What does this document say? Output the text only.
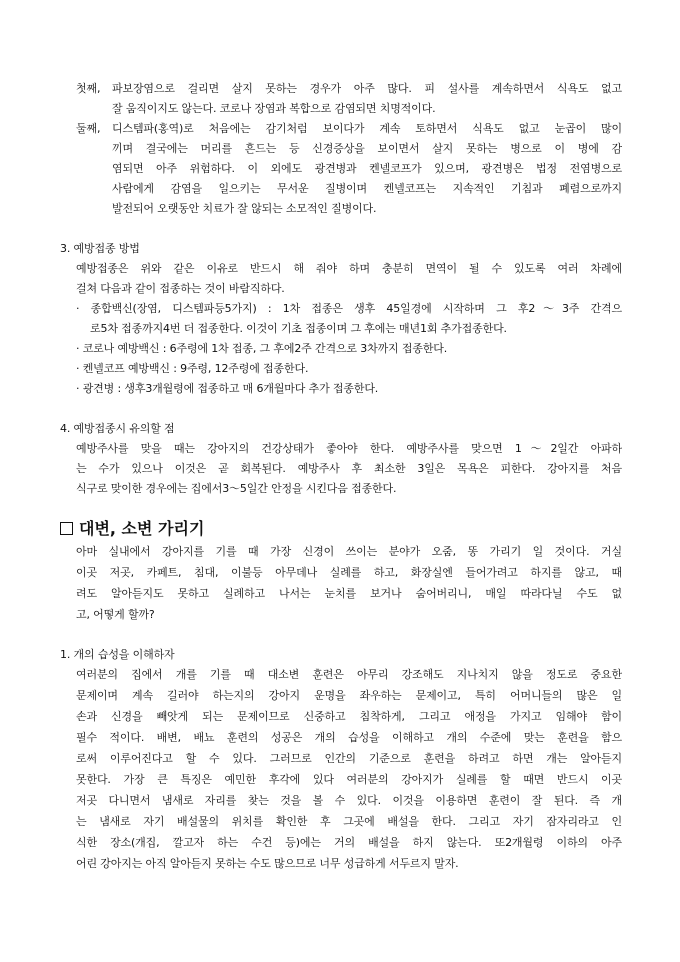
첫째, 파보장염으로 걸리면 살지 못하는 경우가 아주 많다. 피 설사를 계속하면서 식욕도 없고
잘 움직이지도 않는다. 코로나 장염과 복합으로 감염되면 치명적이다.
둘째, 디스템파(홍역)로 처음에는 감기처럼 보이다가 계속 토하면서 식욕도 없고 눈곱이 많이
끼며 결국에는 머리를 흔드는 등 신경증상을 보이면서 살지 못하는 병으로 이 병에 감
염되면 아주 위험하다. 이 외에도 광견병과 켄넬코프가 있으며, 광견병은 법정 전염병으로
사람에게 감염을 일으키는 무서운 질병이며 켄넬코프는 지속적인 기침과 폐렴으로까지
발전되어 오랫동안 치료가 잘 않되는 소모적인 질병이다.
3. 예방접종 방법
예방접종은 위와 같은 이유로 반드시 해 줘야 하며 충분히 면역이 될 수 있도록 여러 차례에
걸쳐 다음과 같이 접종하는 것이 바람직하다.
· 종합백신(장염, 디스템파등5가지) : 1차 접종은 생후 45일경에 시작하며 그 후2～3주 간격으
로5차 접종까지4번 더 접종한다. 이것이 기초 접종이며 그 후에는 매년1회 추가접종한다.
· 코로나 예방백신 : 6주령에 1차 접종, 그 후에2주 간격으로 3차까지 접종한다.
· 켄넬코프 예방백신 : 9주령, 12주령에 접종한다.
· 광견병 : 생후3개월령에 접종하고 매 6개월마다 추가 접종한다.
4. 예방접종시 유의할 점
예방주사를 맞을 때는 강아지의 건강상태가 좋아야 한다. 예방주사를 맞으면 1～2일간 아파하
는 수가 있으나 이것은 곧 회복된다. 예방주사 후 최소한 3일은 목욕은 피한다. 강아지를 처음
식구로 맞이한 경우에는 집에서3～5일간 안정을 시킨다음 접종한다.
대변, 소변 가리기
아마 실내에서 강아지를 기를 때 가장 신경이 쓰이는 분야가 오줌, 똥 가리기 일 것이다. 거실
이곳 저곳, 카페트, 침대, 이불등 아무데나 실례를 하고, 화장실엔 들어가려고 하지를 않고, 때
려도 알아듣지도 못하고 실례하고 나서는 눈치를 보거나 숨어버리니, 매일 따라다닐 수도 없
고, 어떻게 할까?
1. 개의 습성을 이해하자
여러분의 집에서 개를 기를 때 대소변 훈련은 아무리 강조해도 지나치지 않을 정도로 중요한
문제이며 계속 길러야 하는지의 강아지 운명을 좌우하는 문제이고, 특히 어머니들의 많은 일
손과 신경을 빼앗게 되는 문제이므로 신중하고 침착하게, 그리고 애정을 가지고 임해야 함이
필수 적이다. 배변, 배뇨 훈련의 성공은 개의 습성을 이해하고 개의 수준에 맞는 훈련을 함으
로써 이루어진다고 할 수 있다. 그러므로 인간의 기준으로 훈련을 하려고 하면 개는 알아듣지
못한다. 가장 큰 특징은 예민한 후각에 있다 여러분의 강아지가 실례를 할 때면 반드시 이곳
저곳 다니면서 냄새로 자리를 찾는 것을 볼 수 있다. 이것을 이용하면 훈련이 잘 된다. 즉 개
는 냄새로 자기 배설물의 위치를 확인한 후 그곳에 배설을 한다. 그리고 자기 잠자리라고 인
식한 장소(개집, 깔고자 하는 수건 등)에는 거의 배설을 하지 않는다. 또2개월령 이하의 아주
어린 강아지는 아직 알아듣지 못하는 수도 많으므로 너무 성급하게 서두르지 말자.
